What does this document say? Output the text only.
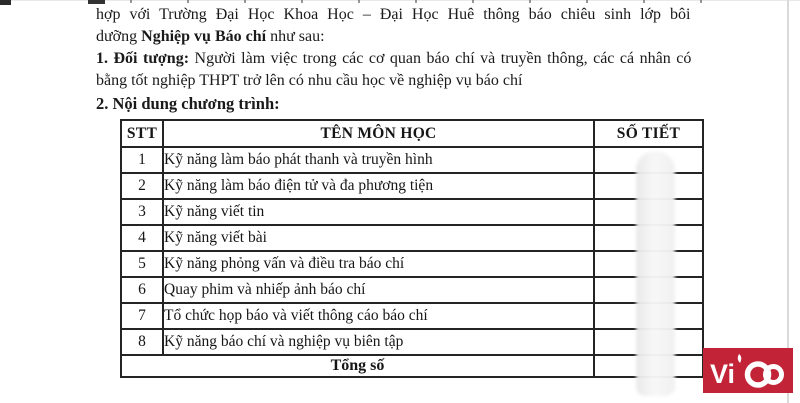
hợp với Trường Đại Học Khoa Học – Đại Học Huê thông báo chiêu sinh lớp bôi
dưỡng Nghiệp vụ Báo chí như sau:
1. Đối tượng: Người làm việc trong các cơ quan báo chí và truyền thông, các cá nhân có
bằng tốt nghiệp THPT trở lên có nhu cầu học về nghiệp vụ báo chí
2. Nội dung chương trình:
STT	TÊN MÔN HỌC	SỐ TIẾT
1	Kỹ năng làm báo phát thanh và truyền hình	
2	Kỹ năng làm báo điện tử và đa phương tiện	
3	Kỹ năng viết tin	
4	Kỹ năng viết bài	
5	Kỹ năng phỏng vấn và điều tra báo chí	
6	Quay phim và nhiếp ảnh báo chí	
7	Tổ chức họp báo và viết thông cáo báo chí	
8	Kỹ năng báo chí và nghiệp vụ biên tập	
Tổng số			Vi
